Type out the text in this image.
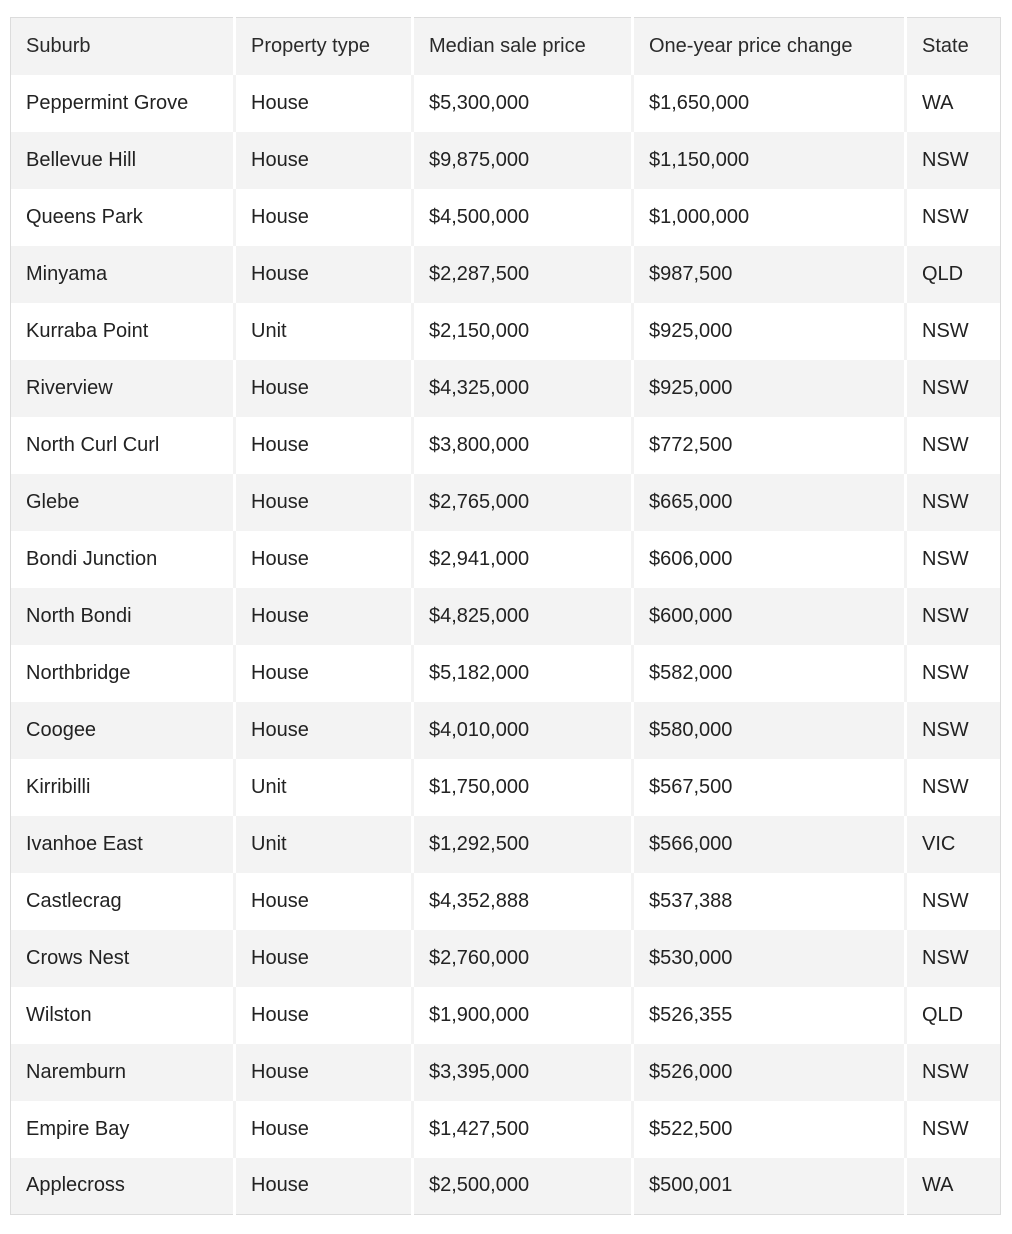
Suburb	Property type	Median sale price	One-year price change	State
Peppermint Grove	House	$5,300,000	$1,650,000	WA
Bellevue Hill	House	$9,875,000	$1,150,000	NSW
Queens Park	House	$4,500,000	$1,000,000	NSW
Minyama	House	$2,287,500	$987,500	QLD
Kurraba Point	Unit	$2,150,000	$925,000	NSW
Riverview	House	$4,325,000	$925,000	NSW
North Curl Curl	House	$3,800,000	$772,500	NSW
Glebe	House	$2,765,000	$665,000	NSW
Bondi Junction	House	$2,941,000	$606,000	NSW
North Bondi	House	$4,825,000	$600,000	NSW
Northbridge	House	$5,182,000	$582,000	NSW
Coogee	House	$4,010,000	$580,000	NSW
Kirribilli	Unit	$1,750,000	$567,500	NSW
Ivanhoe East	Unit	$1,292,500	$566,000	VIC
Castlecrag	House	$4,352,888	$537,388	NSW
Crows Nest	House	$2,760,000	$530,000	NSW
Wilston	House	$1,900,000	$526,355	QLD
Naremburn	House	$3,395,000	$526,000	NSW
Empire Bay	House	$1,427,500	$522,500	NSW
Applecross	House	$2,500,000	$500,001	WA
